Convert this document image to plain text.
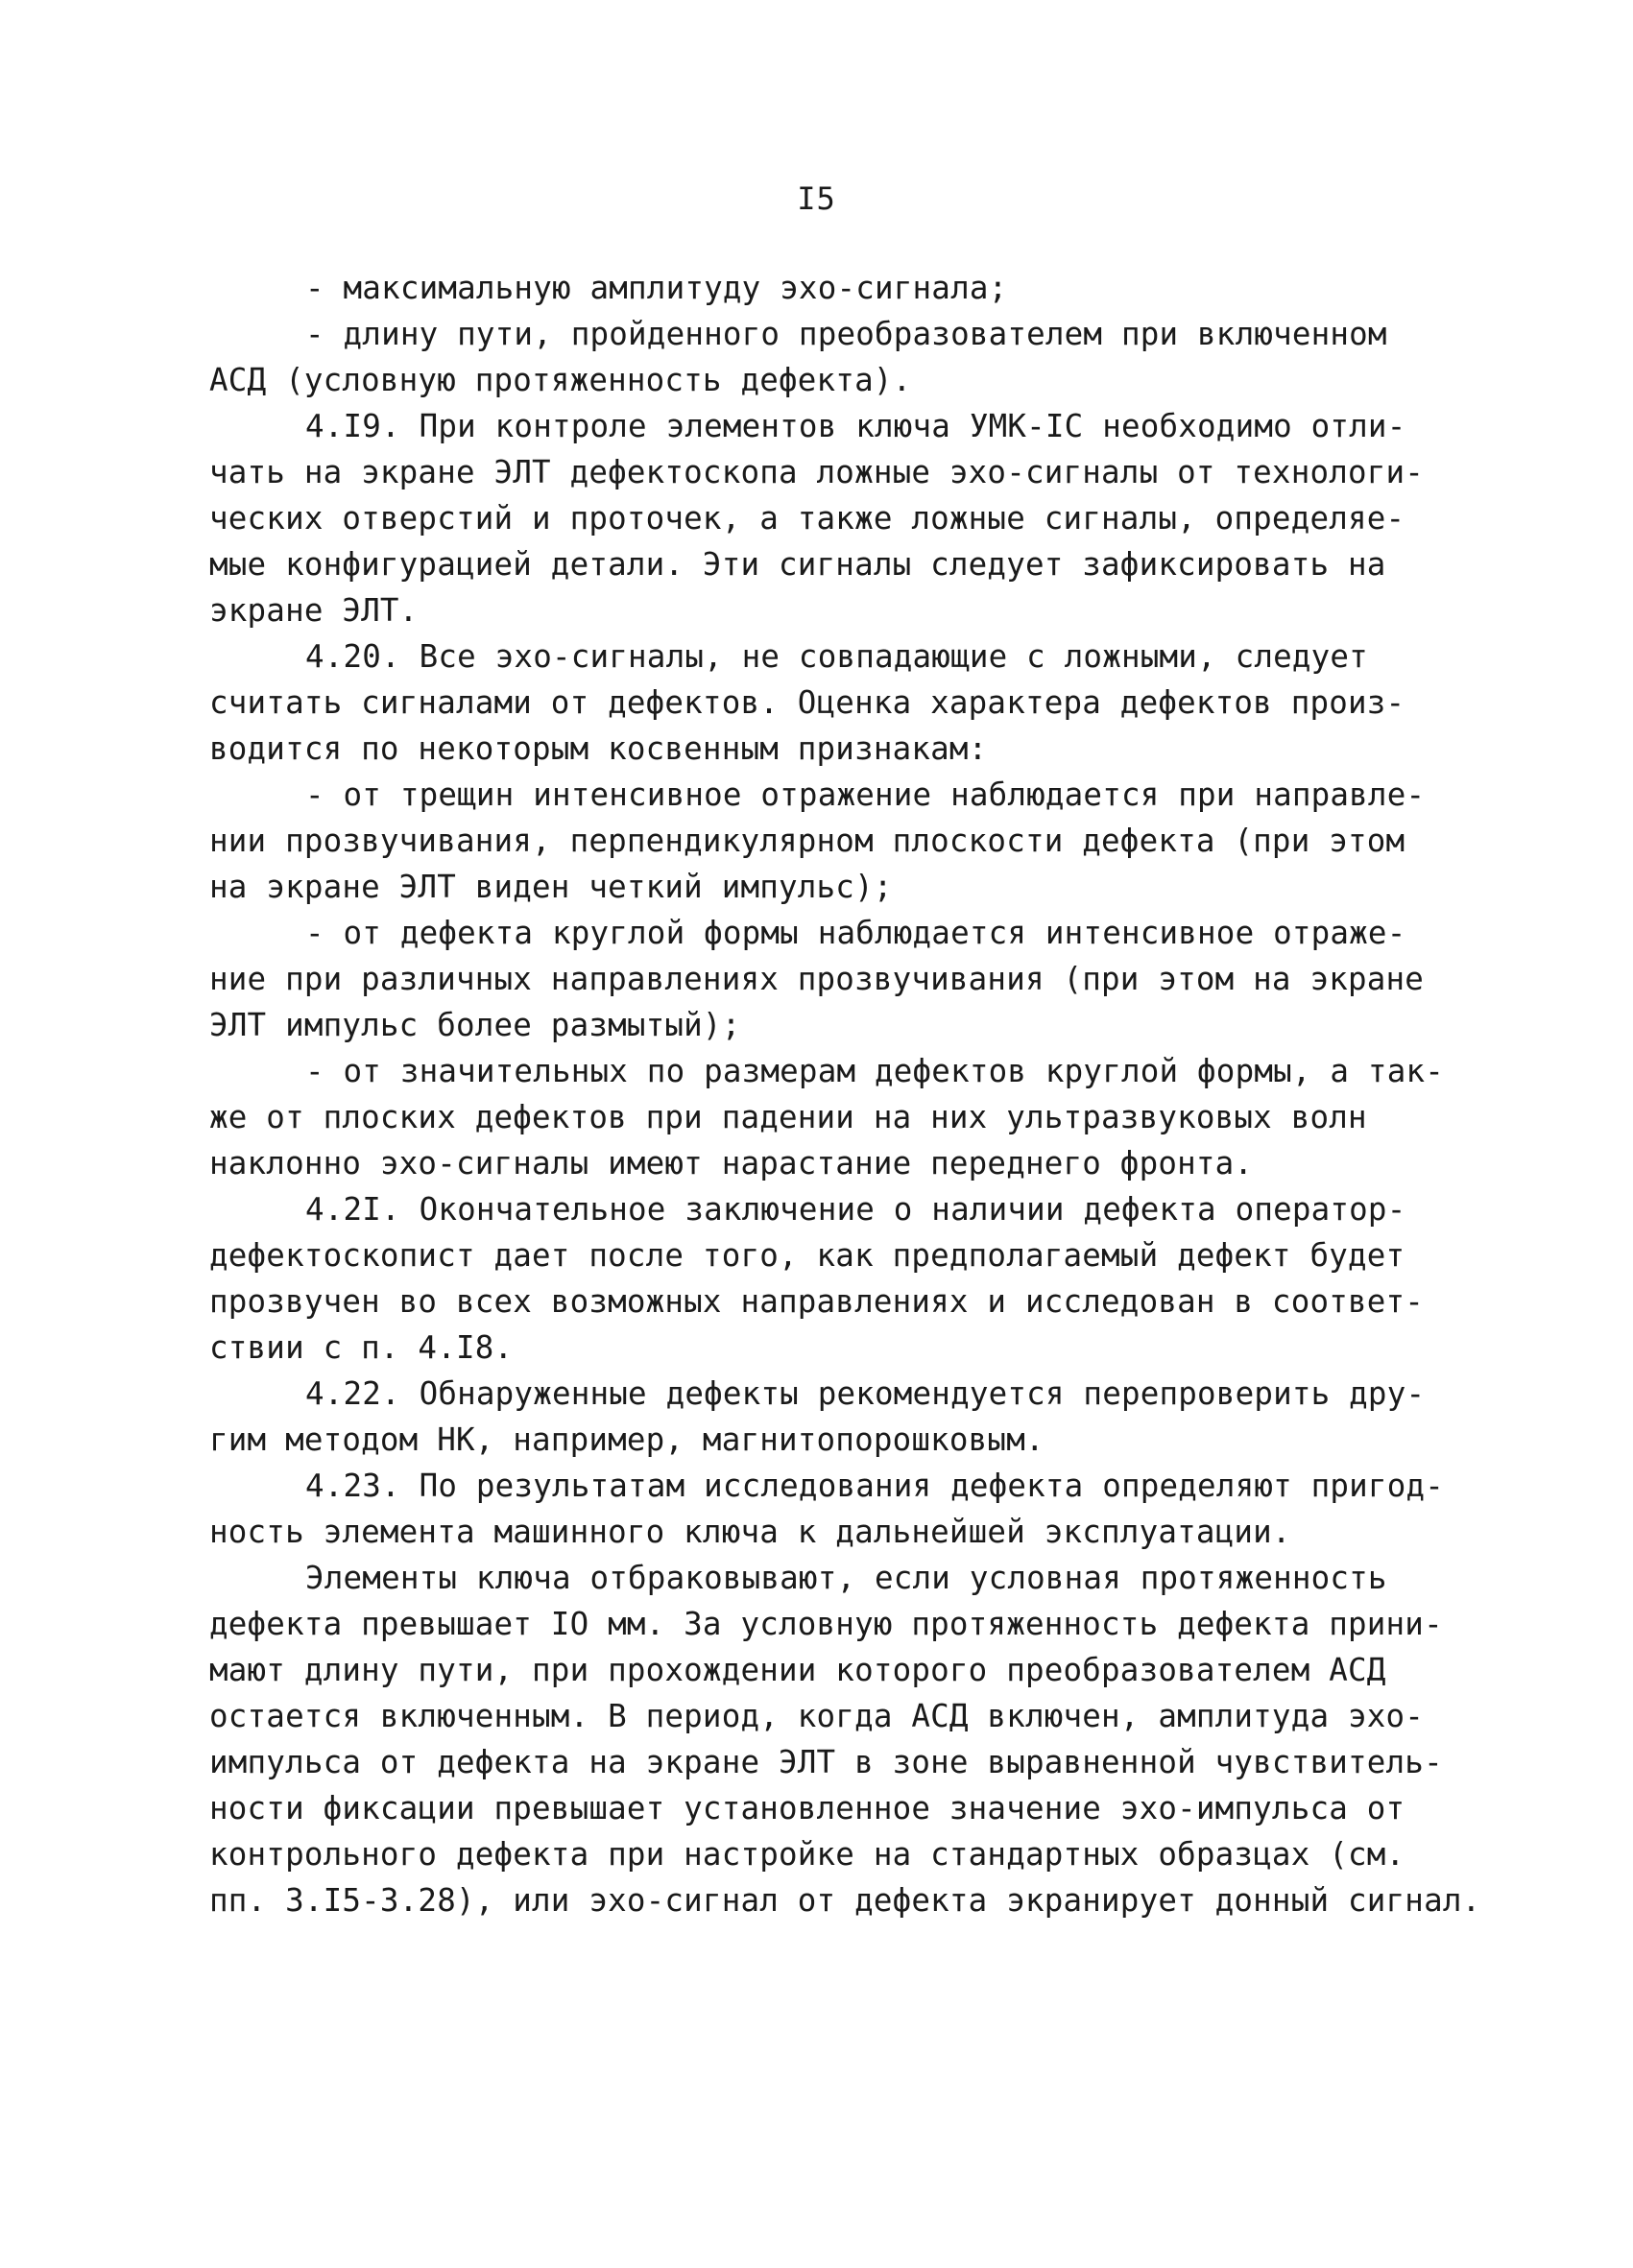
I5
- максимальную амплитуду эхо-сигнала;
- длину пути, пройденного преобразователем при включенном
АСД (условную протяженность дефекта).
4.I9. При контроле элементов ключа УМК-IС необходимо отли-
чать на экране ЭЛТ дефектоскопа ложные эхо-сигналы от технологи-
ческих отверстий и проточек, а также ложные сигналы, определяе-
мые конфигурацией детали. Эти сигналы следует зафиксировать на
экране ЭЛТ.
4.20. Все эхо-сигналы, не совпадающие с ложными, следует
считать сигналами от дефектов. Оценка характера дефектов произ-
водится по некоторым косвенным признакам:
- от трещин интенсивное отражение наблюдается при направле-
нии прозвучивания, перпендикулярном плоскости дефекта (при этом
на экране ЭЛТ виден четкий импульс);
- от дефекта круглой формы наблюдается интенсивное отраже-
ние при различных направлениях прозвучивания (при этом на экране
ЭЛТ импульс более размытый);
- от значительных по размерам дефектов круглой формы, а так-
же от плоских дефектов при падении на них ультразвуковых волн
наклонно эхо-сигналы имеют нарастание переднего фронта.
4.2I. Окончательное заключение о наличии дефекта оператор-
дефектоскопист дает после того, как предполагаемый дефект будет
прозвучен во всех возможных направлениях и исследован в соответ-
ствии с п. 4.I8.
4.22. Обнаруженные дефекты рекомендуется перепроверить дру-
гим методом НК, например, магнитопорошковым.
4.23. По результатам исследования дефекта определяют пригод-
ность элемента машинного ключа к дальнейшей эксплуатации.
Элементы ключа отбраковывают, если условная протяженность
дефекта превышает IO мм. За условную протяженность дефекта прини-
мают длину пути, при прохождении которого преобразователем АСД
остается включенным. В период, когда АСД включен, амплитуда эхо-
импульса от дефекта на экране ЭЛТ в зоне выравненной чувствитель-
ности фиксации превышает установленное значение эхо-импульса от
контрольного дефекта при настройке на стандартных образцах (см.
пп. 3.I5-3.28), или эхо-сигнал от дефекта экранирует донный сигнал.
